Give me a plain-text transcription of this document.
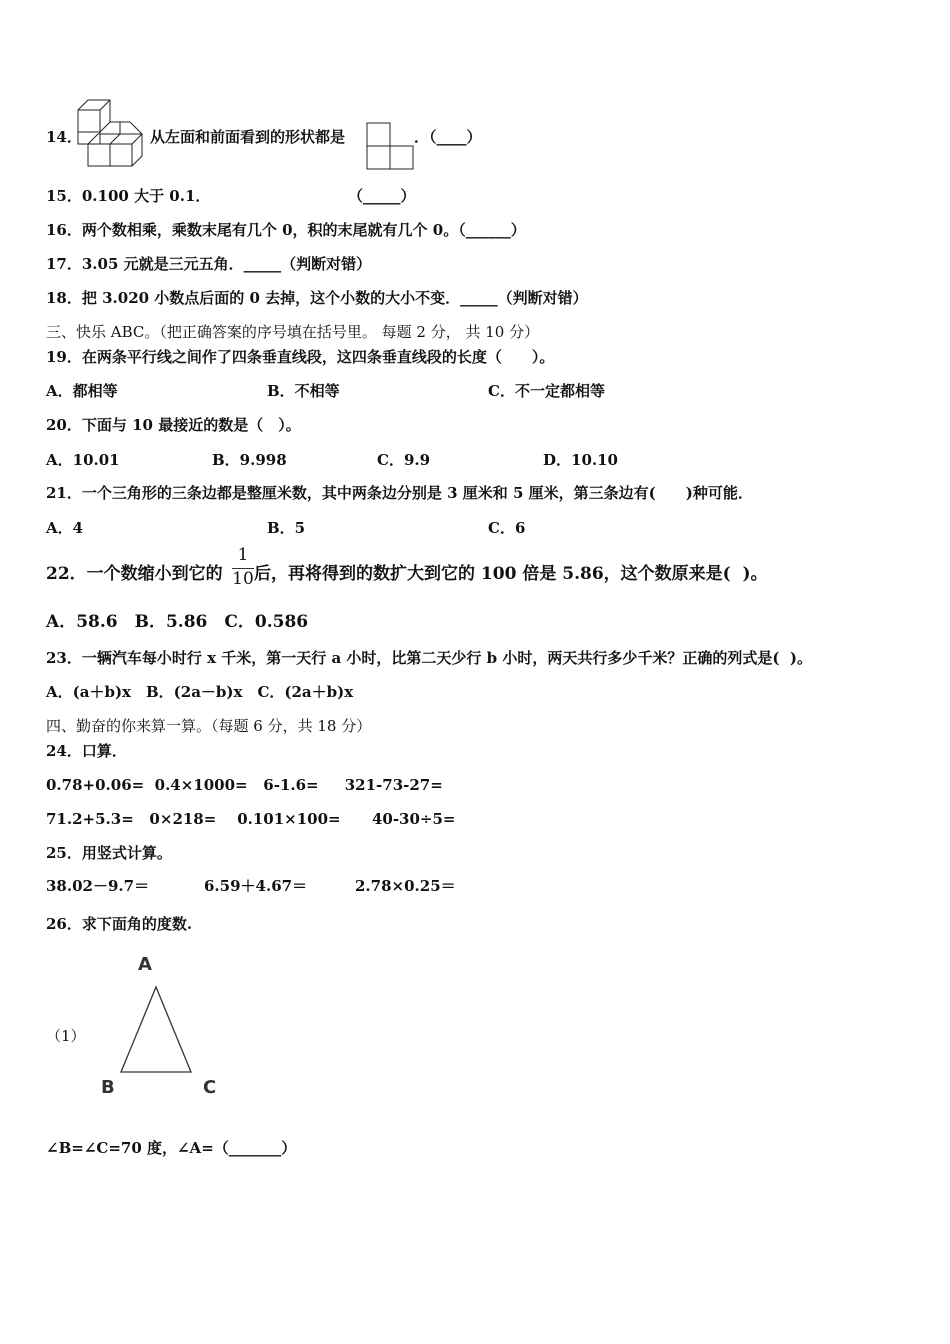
14．	从左面和前面看到的形状都是	．（____）
15．0.100 大于 0.1．	（_____）
16．两个数相乘，乘数末尾有几个 0，积的末尾就有几个 0。（______）
17．3.05 元就是三元五角．_____（判断对错）
18．把 3.020 小数点后面的 0 去掉，这个小数的大小不变．_____（判断对错）
三、快乐 ABC。（把正确答案的序号填在括号里。 每题 2 分， 共 10 分）
19．在两条平行线之间作了四条垂直线段，这四条垂直线段的长度（　　）。
A．都相等	B．不相等	C．不一定都相等
20．下面与 10 最接近的数是（　）。
A．10.01	B．9.998	C．9.9	D．10.10
21．一个三角形的三条边都是整厘米数，其中两条边分别是 3 厘米和 5 厘米，第三条边有(　　)种可能．
A．4	B．5	C．6
22．一个数缩小到它的
1
10 后，再将得到的数扩大到它的 100 倍是 5.86，这个数原来是(  )。
A．58.6　B．5.86　C．0.586
23．一辆汽车每小时行 x 千米，第一天行 a 小时，比第二天少行 b 小时，两天共行多少千米？正确的列式是(  )。
A．(a＋b)x　B．(2a－b)x　C．(2a＋b)x
四、勤奋的你来算一算。（每题 6 分，共 18 分）
24．口算．
0.78+0.06=  0.4×1000=   6-1.6=     321-73-27=
71.2+5.3=   0×218=    0.101×100=      40-30÷5=
25．用竖式计算。
38.02－9.7＝	6.59＋4.67＝	2.78×0.25＝
26．求下面角的度数.
（1）
A
B	C
∠B=∠C=70 度，∠A=（_______）
